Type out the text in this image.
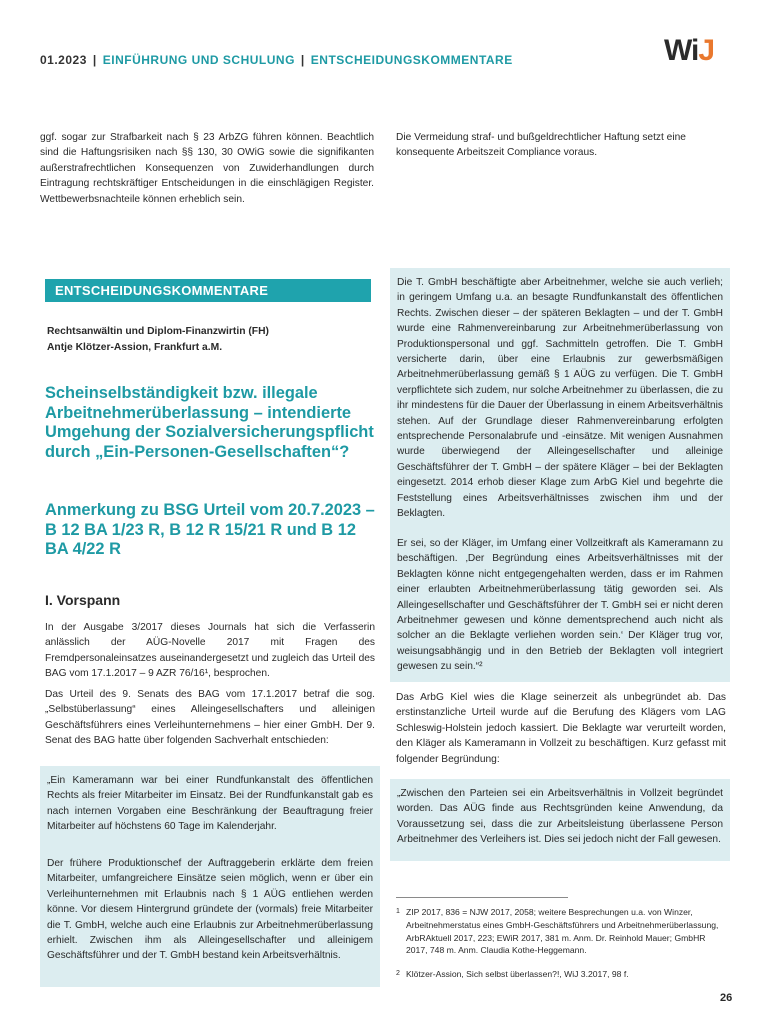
01.2023 | EINFÜHRUNG UND SCHULUNG | ENTSCHEIDUNGSKOMMENTARE	WiJ

ggf. sogar zur Strafbarkeit nach § 23 ArbZG führen können. Beachtlich sind die Haftungsrisiken nach §§ 130, 30 OWiG sowie die signifikanten außerstrafrechtlichen Konsequenzen von Zuwiderhandlungen durch Eintragung rechtskräftiger Entscheidungen in die einschlägigen Register. Wettbewerbsnachteile können erheblich sein.

Die Vermeidung straf- und bußgeldrechtlicher Haftung setzt eine konsequente Arbeitszeit Compliance voraus.

ENTSCHEIDUNGSKOMMENTARE
Rechtsanwältin und Diplom-Finanzwirtin (FH)
Antje Klötzer-Assion, Frankfurt a.M.
Scheinselbständigkeit bzw. illegale Arbeitnehmerüberlassung – intendierte Umgehung der Sozialversicherungspflicht durch „Ein-Personen-Gesellschaften“?
Anmerkung zu BSG Urteil vom 20.7.2023 – B 12 BA 1/23 R, B 12 R 15/21 R und B 12 BA 4/22 R
I. Vorspann

In der Ausgabe 3/2017 dieses Journals hat sich die Verfasserin anlässlich der AÜG-Novelle 2017 mit Fragen des Fremdpersonaleinsatzes auseinandergesetzt und zugleich das Urteil des BAG vom 17.1.2017 – 9 AZR 76/16¹, besprochen.

Das Urteil des 9. Senats des BAG vom 17.1.2017 betraf die sog. „Selbstüberlassung“ eines Alleingesellschafters und alleinigen Geschäftsführers eines Verleihunternehmens – hier einer GmbH. Der 9. Senat des BAG hatte über folgenden Sachverhalt entschieden:

„Ein Kameramann war bei einer Rundfunkanstalt des öffentlichen Rechts als freier Mitarbeiter im Einsatz. Bei der Rundfunkanstalt gab es nach internen Vorgaben eine Beschränkung der Beauftragung freier Mitarbeiter auf höchstens 60 Tage im Kalenderjahr.

Der frühere Produktionschef der Auftraggeberin erklärte dem freien Mitarbeiter, umfangreichere Einsätze seien möglich, wenn er über ein Verleihunternehmen mit Erlaubnis nach § 1 AÜG entliehen werden könne. Vor diesem Hintergrund gründete der (vormals) freie Mitarbeiter die T. GmbH, welche auch eine Erlaubnis zur Arbeitnehmerüberlassung erhielt. Zwischen ihm als Alleingesellschafter und alleinigem Geschäftsführer und der T. GmbH bestand kein Arbeitsverhältnis.

Die T. GmbH beschäftigte aber Arbeitnehmer, welche sie auch verlieh; in geringem Umfang u.a. an besagte Rundfunkanstalt des öffentlichen Rechts. Zwischen dieser – der späteren Beklagten – und der T. GmbH wurde eine Rahmenvereinbarung zur Arbeitnehmerüberlassung von Produktionspersonal und ggf. Sachmitteln getroffen. Die T. GmbH versicherte darin, über eine Erlaubnis zur gewerbsmäßigen Arbeitnehmerüberlassung gemäß § 1 AÜG zu verfügen. Die T. GmbH verpflichtete sich zudem, nur solche Arbeitnehmer zu überlassen, die zu ihr mindestens für die Dauer der Überlassung in einem Arbeitsverhältnis stehen. Auf der Grundlage dieser Rahmenvereinbarung erfolgten entsprechende Personalabrufe und -einsätze. Mit wenigen Ausnahmen wurde überwiegend der Alleingesellschafter und alleinige Geschäftsführer der T. GmbH – der spätere Kläger – bei der Beklagten eingesetzt. 2014 erhob dieser Klage zum ArbG Kiel und begehrte die Feststellung eines Arbeitsverhältnisses zwischen ihm und der Beklagten.

Er sei, so der Kläger, im Umfang einer Vollzeitkraft als Kameramann zu beschäftigen. ‚Der Begründung eines Arbeitsverhältnisses mit der Beklagten könne nicht entgegengehalten werden, dass er im Rahmen einer erlaubten Arbeitnehmerüberlassung tätig geworden sei. Als Alleingesellschafter und Geschäftsführer der T. GmbH sei er nicht deren Arbeitnehmer gewesen und könne dementsprechend auch nicht als solcher an die Beklagte verliehen worden sein.‘ Der Kläger trug vor, weisungsabhängig und in den Betrieb der Beklagten voll integriert gewesen zu sein.“²

Das ArbG Kiel wies die Klage seinerzeit als unbegründet ab. Das erstinstanzliche Urteil wurde auf die Berufung des Klägers vom LAG Schleswig-Holstein jedoch kassiert. Die Beklagte war verurteilt worden, den Kläger als Kameramann in Vollzeit zu beschäftigen. Kurz gefasst mit folgender Begründung:

„Zwischen den Parteien sei ein Arbeitsverhältnis in Vollzeit begründet worden. Das AÜG finde aus Rechtsgründen keine Anwendung, da Voraussetzung sei, dass die zur Arbeitsleistung überlassene Person Arbeitnehmer des Verleihers ist. Dies sei jedoch nicht der Fall gewesen.

1 ZIP 2017, 836 = NJW 2017, 2058; weitere Besprechungen u.a. von Winzer, Arbeitnehmerstatus eines GmbH-Geschäftsführers und Arbeitnehmerüberlassung, ArbRAktuell 2017, 223; EWiR 2017, 381 m. Anm. Dr. Reinhold Mauer; GmbHR 2017, 748 m. Anm. Claudia Kothe-Heggemann.
2 Klötzer-Assion, Sich selbst überlassen?!, WiJ 3.2017, 98 f.
26
